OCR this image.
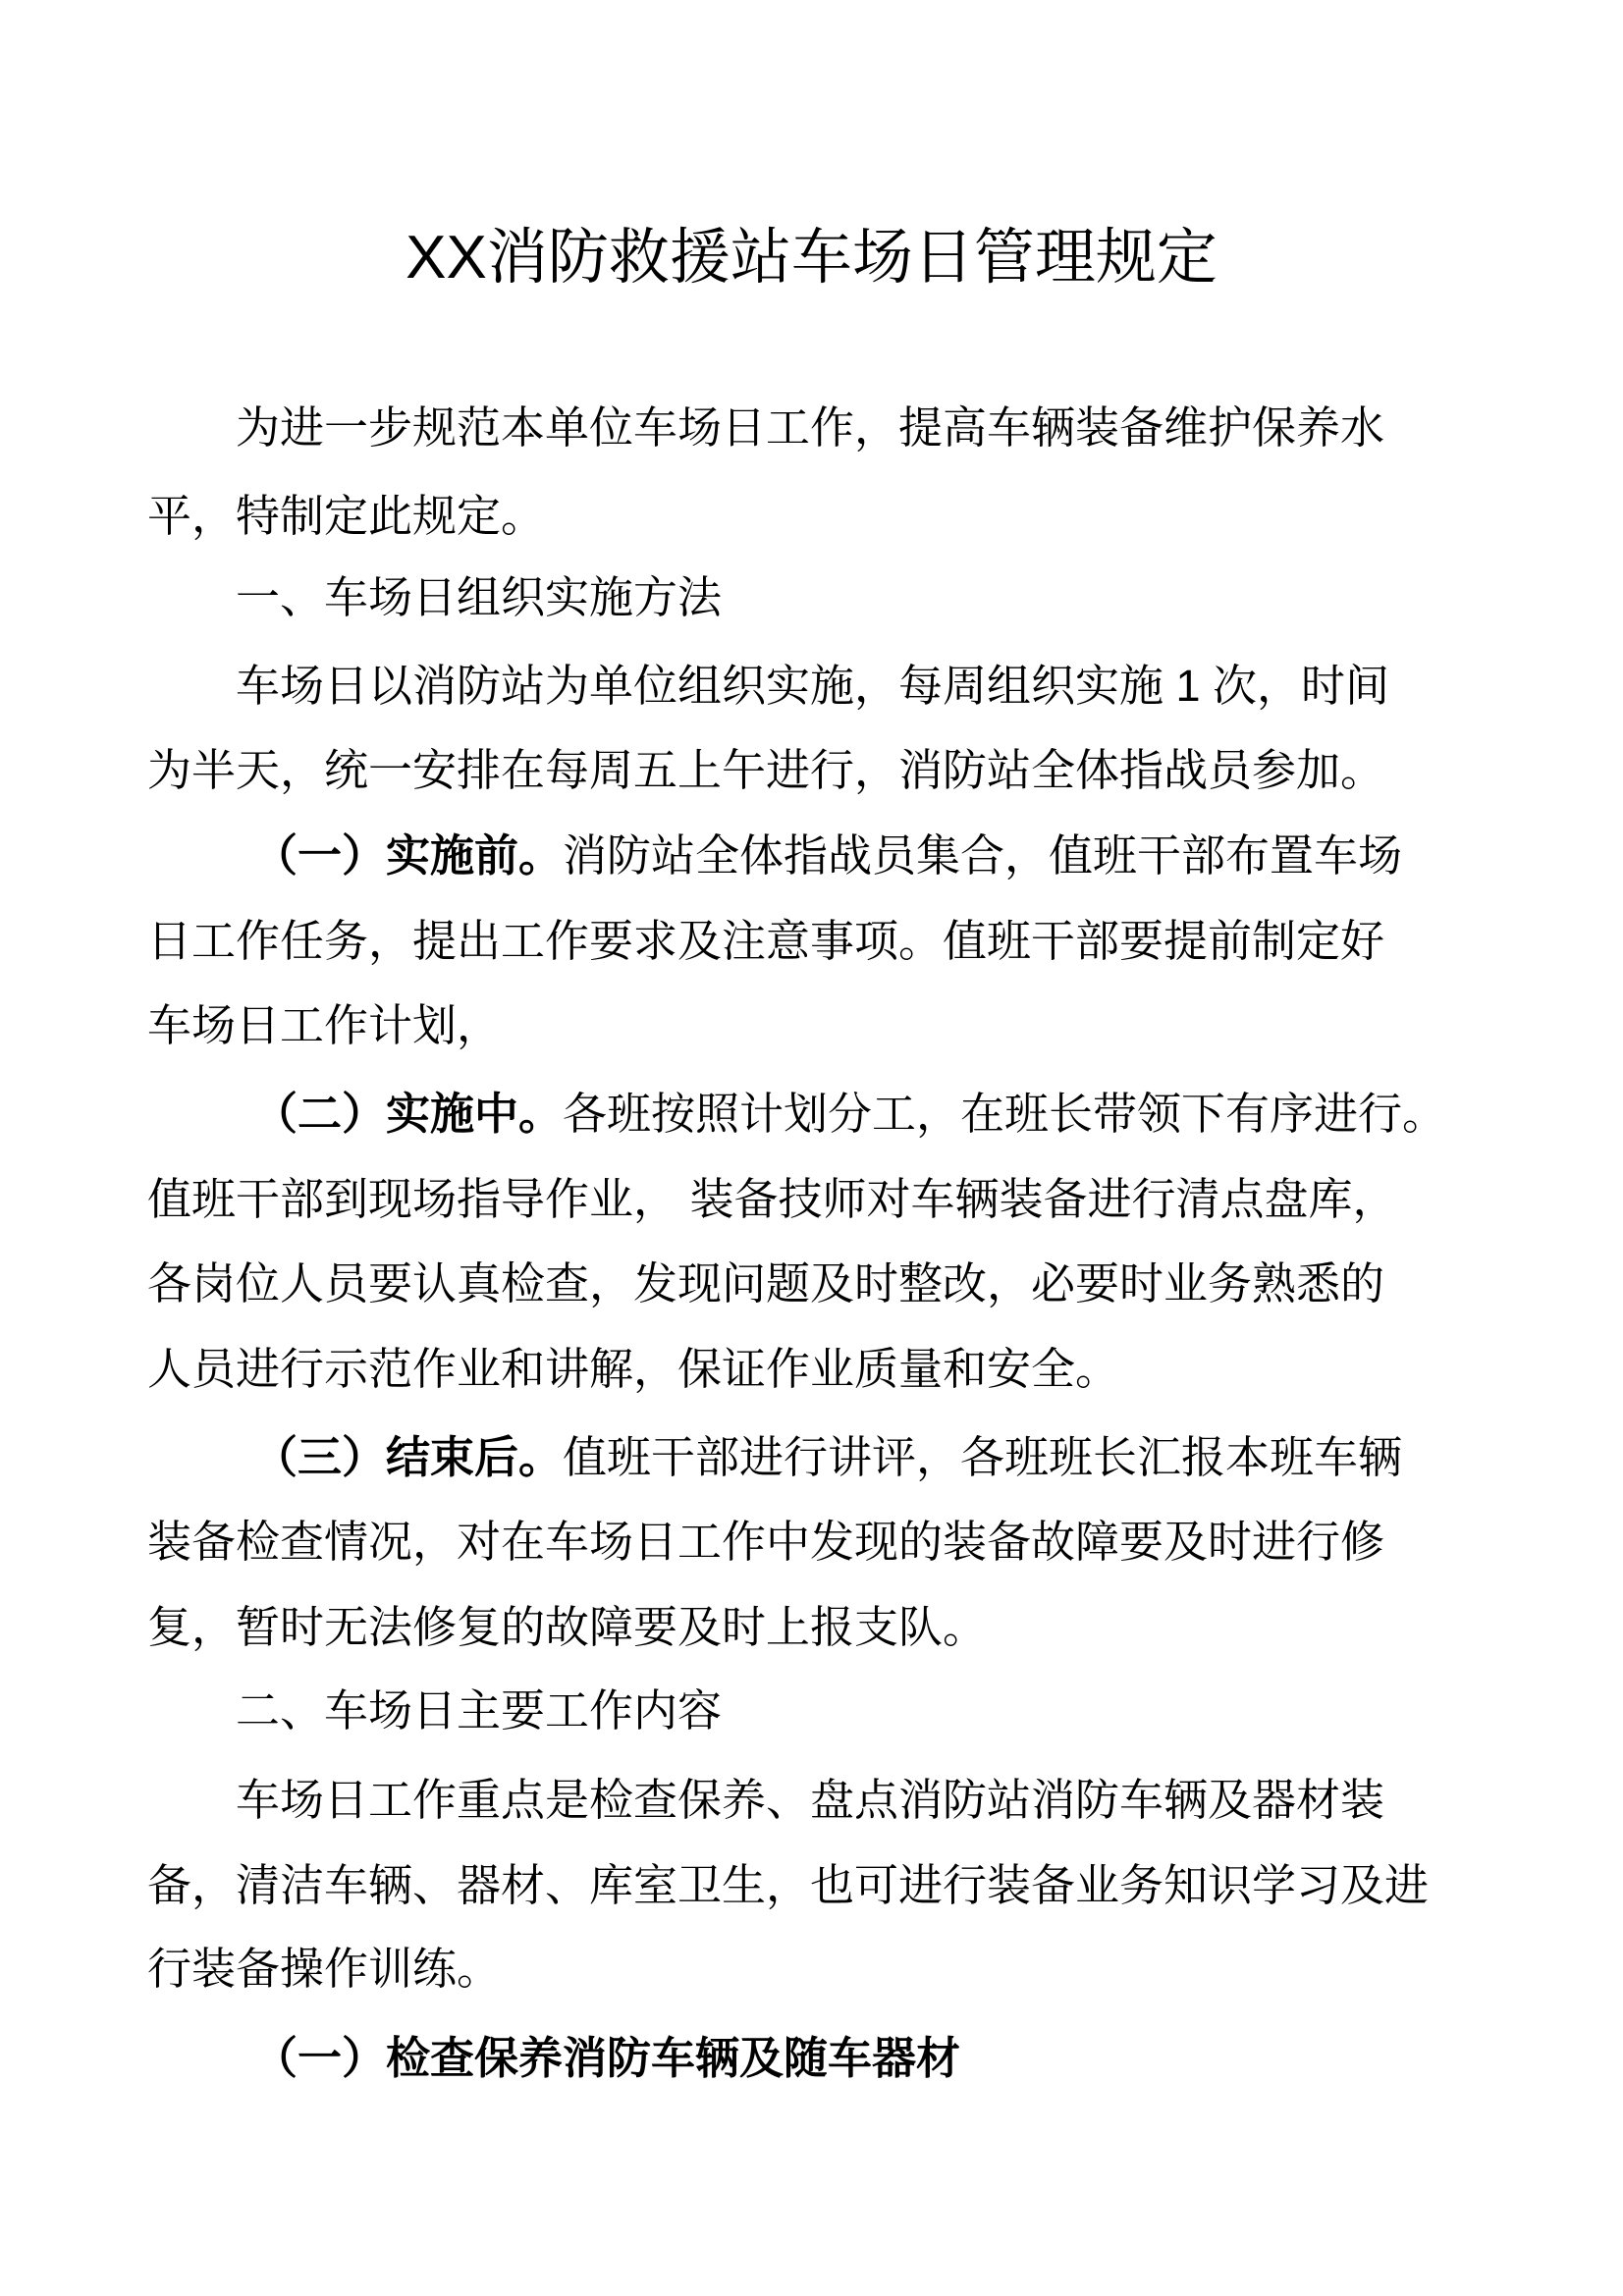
XX消防救援站车场日管理规定
为进一步规范本单位车场日工作，提高车辆装备维护保养水
平，特制定此规定。
一、车场日组织实施方法
车场日以消防站为单位组织实施，每周组织实施 1 次，时间
为半天，统一安排在每周五上午进行，消防站全体指战员参加。
（一）实施前。消防站全体指战员集合，值班干部布置车场
日工作任务，提出工作要求及注意事项。值班干部要提前制定好
车场日工作计划，
（二）实施中。各班按照计划分工，在班长带领下有序进行。
值班干部到现场指导作业， 装备技师对车辆装备进行清点盘库，
各岗位人员要认真检查，发现问题及时整改，必要时业务熟悉的
人员进行示范作业和讲解，保证作业质量和安全。
（三）结束后。值班干部进行讲评，各班班长汇报本班车辆
装备检查情况，对在车场日工作中发现的装备故障要及时进行修
复，暂时无法修复的故障要及时上报支队。
二、车场日主要工作内容
车场日工作重点是检查保养、盘点消防站消防车辆及器材装
备，清洁车辆、器材、库室卫生，也可进行装备业务知识学习及进
行装备操作训练。
（一）检查保养消防车辆及随车器材
